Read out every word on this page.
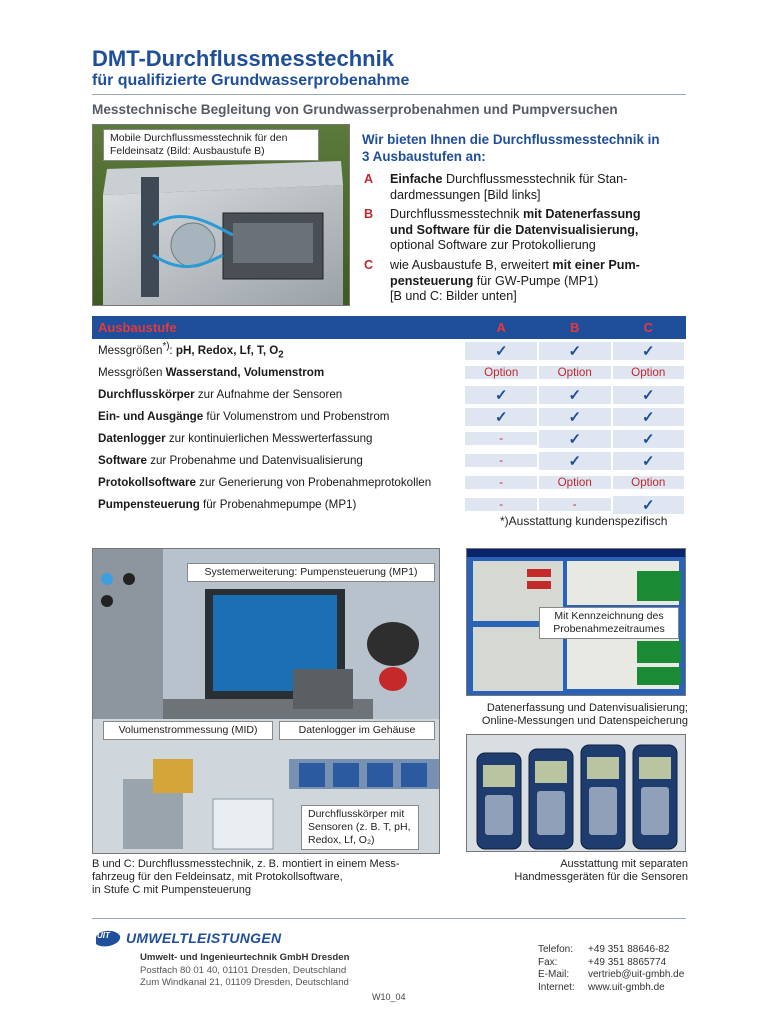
DMT-Durchflussmesstechnik
für qualifizierte Grundwasserprobenahme
Messtechnische Begleitung von Grundwasserprobenahmen und Pumpversuchen
Mobile Durchflussmesstechnik für den
Feldeinsatz (Bild: Ausbaustufe B)
Wir bieten Ihnen die Durchflussmesstechnik in
3 Ausbaustufen an:
A Einfache Durchflussmesstechnik für Stan-
dardmessungen [Bild links]
B Durchflussmesstechnik mit Datenerfassung
und Software für die Datenvisualisierung,
optional Software zur Protokollierung
C wie Ausbaustufe B, erweitert mit einer Pum-
pensteuerung für GW-Pumpe (MP1)
[B und C: Bilder unten]
Ausbaustufe	A	B	C
Messgrößen*): pH, Redox, Lf, T, $O_2$	✓	✓	✓
Messgrößen Wasserstand, Volumenstrom	Option	Option	Option
Durchflusskörper zur Aufnahme der Sensoren	✓	✓	✓
Ein- und Ausgänge für Volumenstrom und Probenstrom	✓	✓	✓
Datenlogger zur kontinuierlichen Messwerterfassung	-	✓	✓
Software zur Probenahme und Datenvisualisierung	-	✓	✓
Protokollsoftware zur Generierung von Probenahmeprotokollen	-	Option	Option
Pumpensteuerung für Probenahmepumpe (MP1)	-	-	✓
*)Ausstattung kundenspezifisch
Systemerweiterung: Pumpensteuerung (MP1)
Volumenstrommessung (MID)	Datenlogger im Gehäuse
Durchflusskörper mit
Sensoren (z. B. T, pH,
Redox, Lf, O₂)
B und C: Durchflussmesstechnik, z. B. montiert in einem Mess-
fahrzeug für den Feldeinsatz, mit Protokollsoftware,
in Stufe C mit Pumpensteuerung
Mit Kennzeichnung des
Probenahmezeitraumes
Datenerfassung und Datenvisualisierung;
Online-Messungen und Datenspeicherung
Ausstattung mit separaten
Handmessgeräten für die Sensoren
UIT UMWELTLEISTUNGEN
Umwelt- und Ingenieurtechnik GmbH Dresden
Postfach 80 01 40, 01101 Dresden, Deutschland
Zum Windkanal 21, 01109 Dresden, Deutschland
Telefon: +49 351 88646-82
Fax:	+49 351 8865774
E-Mail: vertrieb@uit-gmbh.de
Internet: www.uit-gmbh.de
W10_04
